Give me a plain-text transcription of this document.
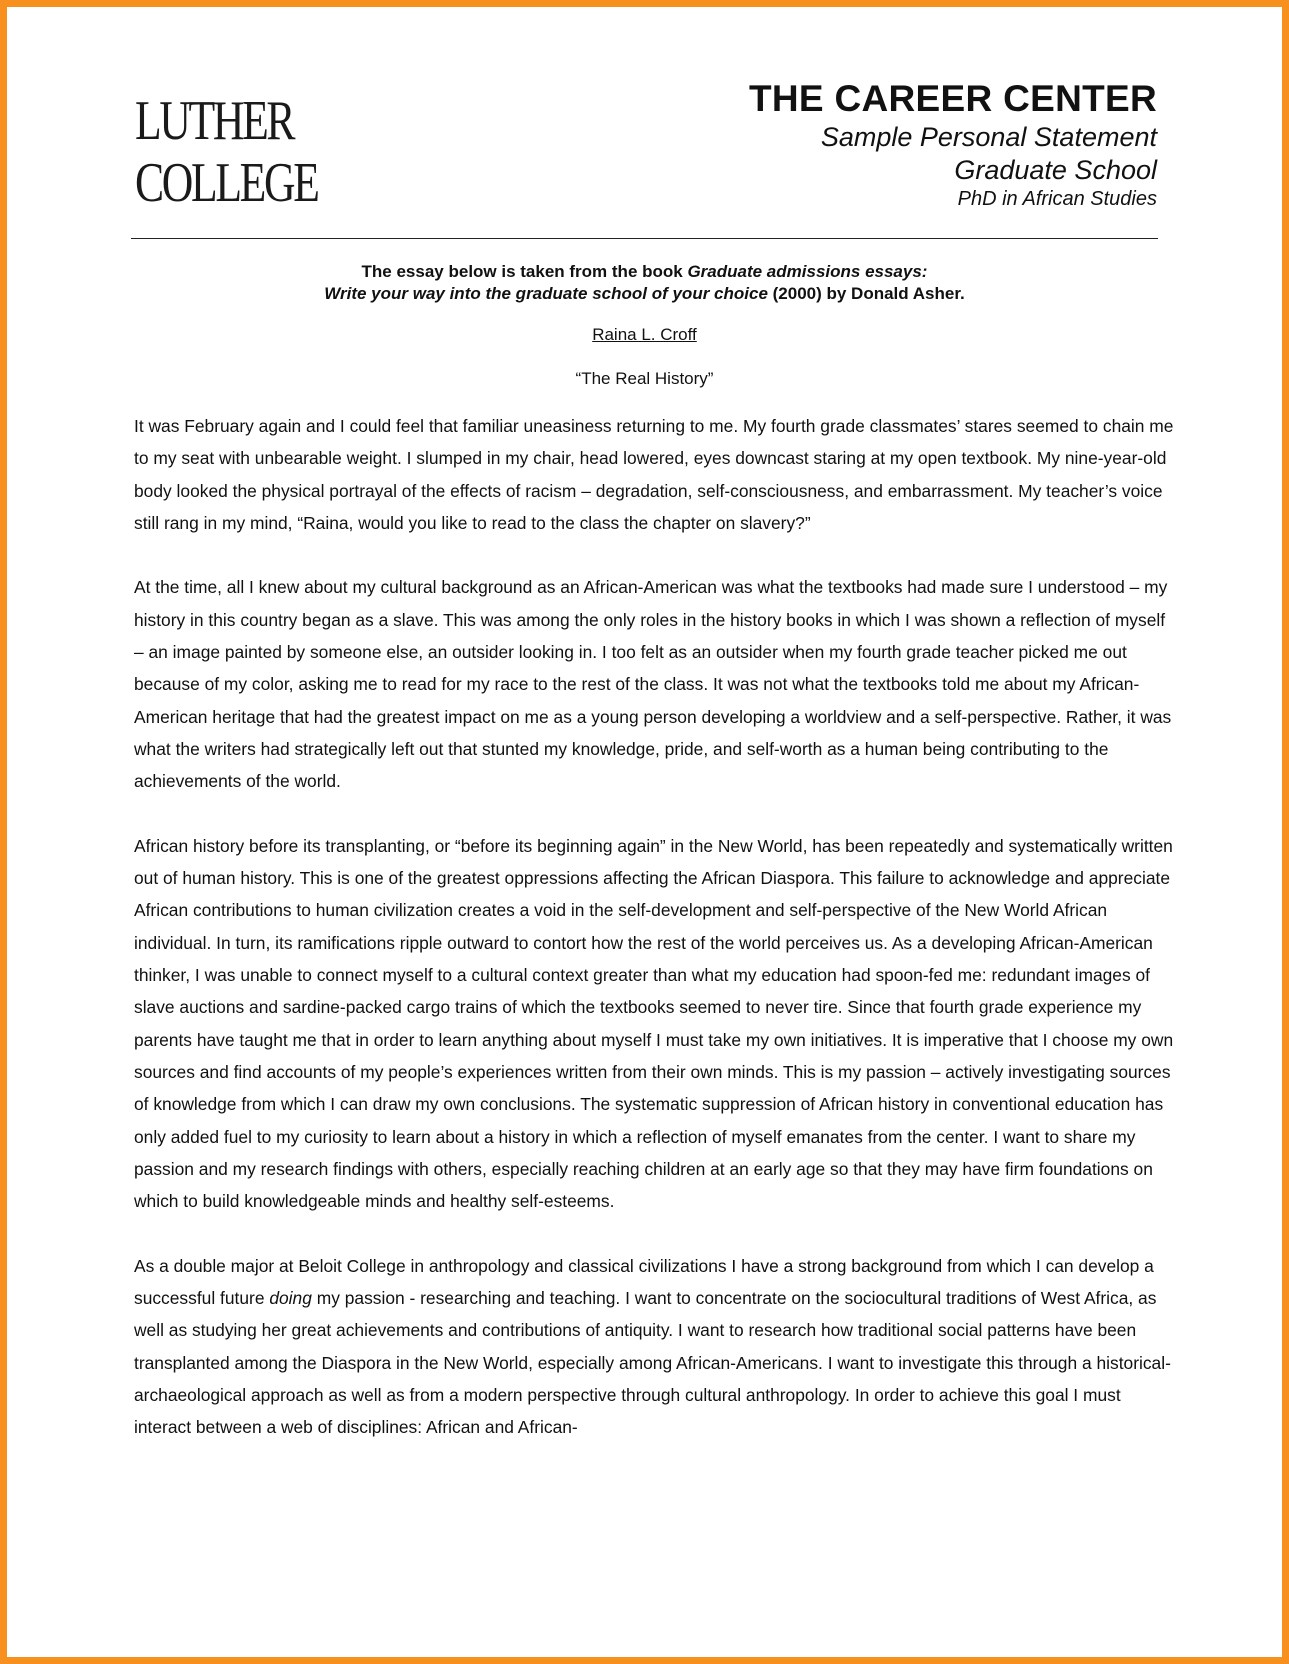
LUTHER
COLLEGE
THE CAREER CENTER
Sample Personal Statement
Graduate School
PhD in African Studies
The essay below is taken from the book Graduate admissions essays:
Write your way into the graduate school of your choice (2000) by Donald Asher.
Raina L. Croff
“The Real History”

It was February again and I could feel that familiar uneasiness returning to me. My fourth grade classmates’ stares seemed to chain me to my seat with unbearable weight. I slumped in my chair, head lowered, eyes downcast staring at my open textbook. My nine-year-old body looked the physical portrayal of the effects of racism – degradation, self-consciousness, and embarrassment. My teacher’s voice still rang in my mind, “Raina, would you like to read to the class the chapter on slavery?”

At the time, all I knew about my cultural background as an African-American was what the textbooks had made sure I understood – my history in this country began as a slave. This was among the only roles in the history books in which I was shown a reflection of myself – an image painted by someone else, an outsider looking in. I too felt as an outsider when my fourth grade teacher picked me out because of my color, asking me to read for my race to the rest of the class. It was not what the textbooks told me about my African-American heritage that had the greatest impact on me as a young person developing a worldview and a self-perspective. Rather, it was what the writers had strategically left out that stunted my knowledge, pride, and self-worth as a human being contributing to the achievements of the world.

African history before its transplanting, or “before its beginning again” in the New World, has been repeatedly and systematically written out of human history. This is one of the greatest oppressions affecting the African Diaspora. This failure to acknowledge and appreciate African contributions to human civilization creates a void in the self-development and self-perspective of the New World African individual. In turn, its ramifications ripple outward to contort how the rest of the world perceives us. As a developing African-American thinker, I was unable to connect myself to a cultural context greater than what my education had spoon-fed me: redundant images of slave auctions and sardine-packed cargo trains of which the textbooks seemed to never tire. Since that fourth grade experience my parents have taught me that in order to learn anything about myself I must take my own initiatives. It is imperative that I choose my own sources and find accounts of my people’s experiences written from their own minds. This is my passion – actively investigating sources of knowledge from which I can draw my own conclusions. The systematic suppression of African history in conventional education has only added fuel to my curiosity to learn about a history in which a reflection of myself emanates from the center. I want to share my passion and my research findings with others, especially reaching children at an early age so that they may have firm foundations on which to build knowledgeable minds and healthy self-esteems.

As a double major at Beloit College in anthropology and classical civilizations I have a strong background from which I can develop a successful future doing my passion - researching and teaching. I want to concentrate on the sociocultural traditions of West Africa, as well as studying her great achievements and contributions of antiquity. I want to research how traditional social patterns have been transplanted among the Diaspora in the New World, especially among African-Americans. I want to investigate this through a historical-archaeological approach as well as from a modern perspective through cultural anthropology. In order to achieve this goal I must interact between a web of disciplines: African and African-
